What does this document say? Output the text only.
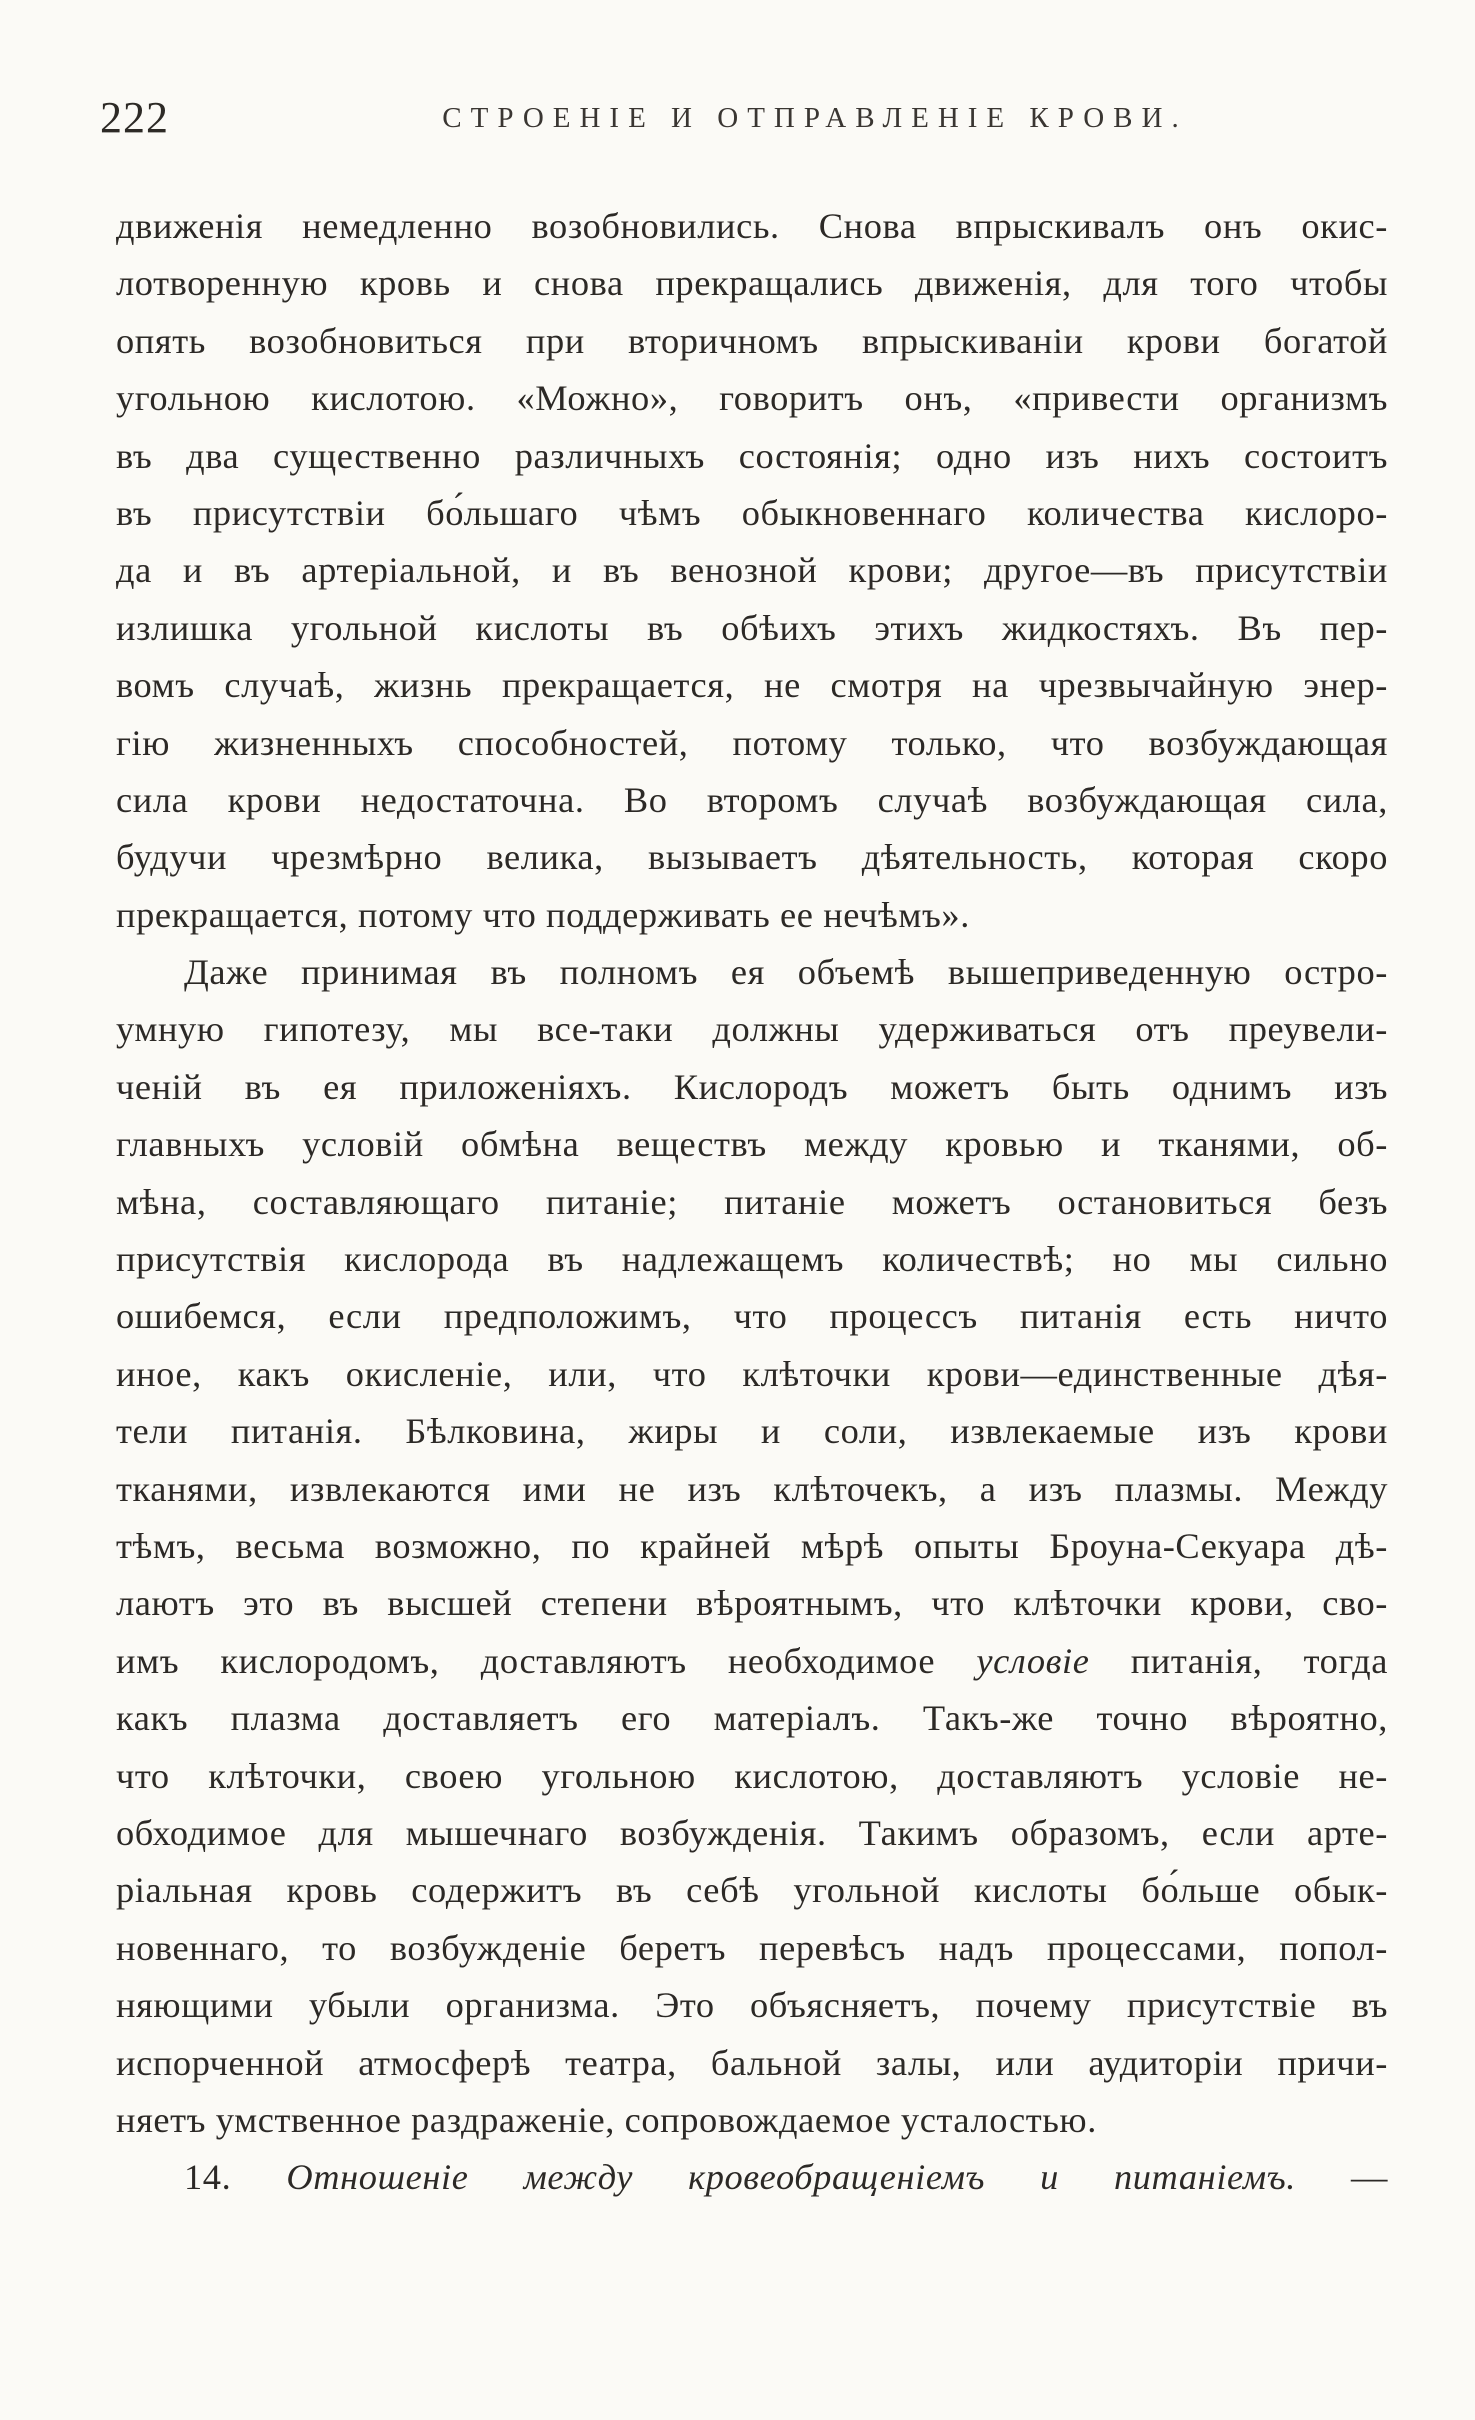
222	СТРОЕНІЕ И ОТПРАВЛЕНІЕ КРОВИ.
движенія немедленно возобновились. Снова впрыскивалъ онъ окис-
лотворенную кровь и снова прекращались движенія, для того чтобы
опять возобновиться при вторичномъ впрыскиваніи крови богатой
угольною кислотою. «Можно», говоритъ онъ, «привести организмъ
въ два существенно различныхъ состоянія; одно изъ нихъ состоитъ
въ присутствіи бо́льшаго чѣмъ обыкновеннаго количества кислоро-
да и въ артеріальной, и въ венозной крови; другое—въ присутствіи
излишка угольной кислоты въ обѣихъ этихъ жидкостяхъ. Въ пер-
вомъ случаѣ, жизнь прекращается, не смотря на чрезвычайную энер-
гію жизненныхъ способностей, потому только, что возбуждающая
сила крови недостаточна. Во второмъ случаѣ возбуждающая сила,
будучи чрезмѣрно велика, вызываетъ дѣятельность, которая скоро
прекращается, потому что поддерживать ее нечѣмъ».
Даже принимая въ полномъ ея объемѣ вышеприведенную остро-
умную гипотезу, мы все-таки должны удерживаться отъ преувели-
ченій въ ея приложеніяхъ. Кислородъ можетъ быть однимъ изъ
главныхъ условій обмѣна веществъ между кровью и тканями, об-
мѣна, составляющаго питаніе; питаніе можетъ остановиться безъ
присутствія кислорода въ надлежащемъ количествѣ; но мы сильно
ошибемся, если предположимъ, что процессъ питанія есть ничто
иное, какъ окисленіе, или, что клѣточки крови—единственные дѣя-
тели питанія. Бѣлковина, жиры и соли, извлекаемые изъ крови
тканями, извлекаются ими не изъ клѣточекъ, а изъ плазмы. Между
тѣмъ, весьма возможно, по крайней мѣрѣ опыты Броуна-Секуара дѣ-
лаютъ это въ высшей степени вѣроятнымъ, что клѣточки крови, сво-
имъ кислородомъ, доставляютъ необходимое условіе питанія, тогда
какъ плазма доставляетъ его матеріалъ. Такъ-же точно вѣроятно,
что клѣточки, своею угольною кислотою, доставляютъ условіе не-
обходимое для мышечнаго возбужденія. Такимъ образомъ, если арте-
ріальная кровь содержитъ въ себѣ угольной кислоты бо́льше обык-
новеннаго, то возбужденіе беретъ перевѣсъ надъ процессами, попол-
няющими убыли организма. Это объясняетъ, почему присутствіе въ
испорченной атмосферѣ театра, бальной залы, или аудиторіи причи-
няетъ умственное раздраженіе, сопровождаемое усталостью.
14. Отношеніе между кровеобращеніемъ и питаніемъ. —
